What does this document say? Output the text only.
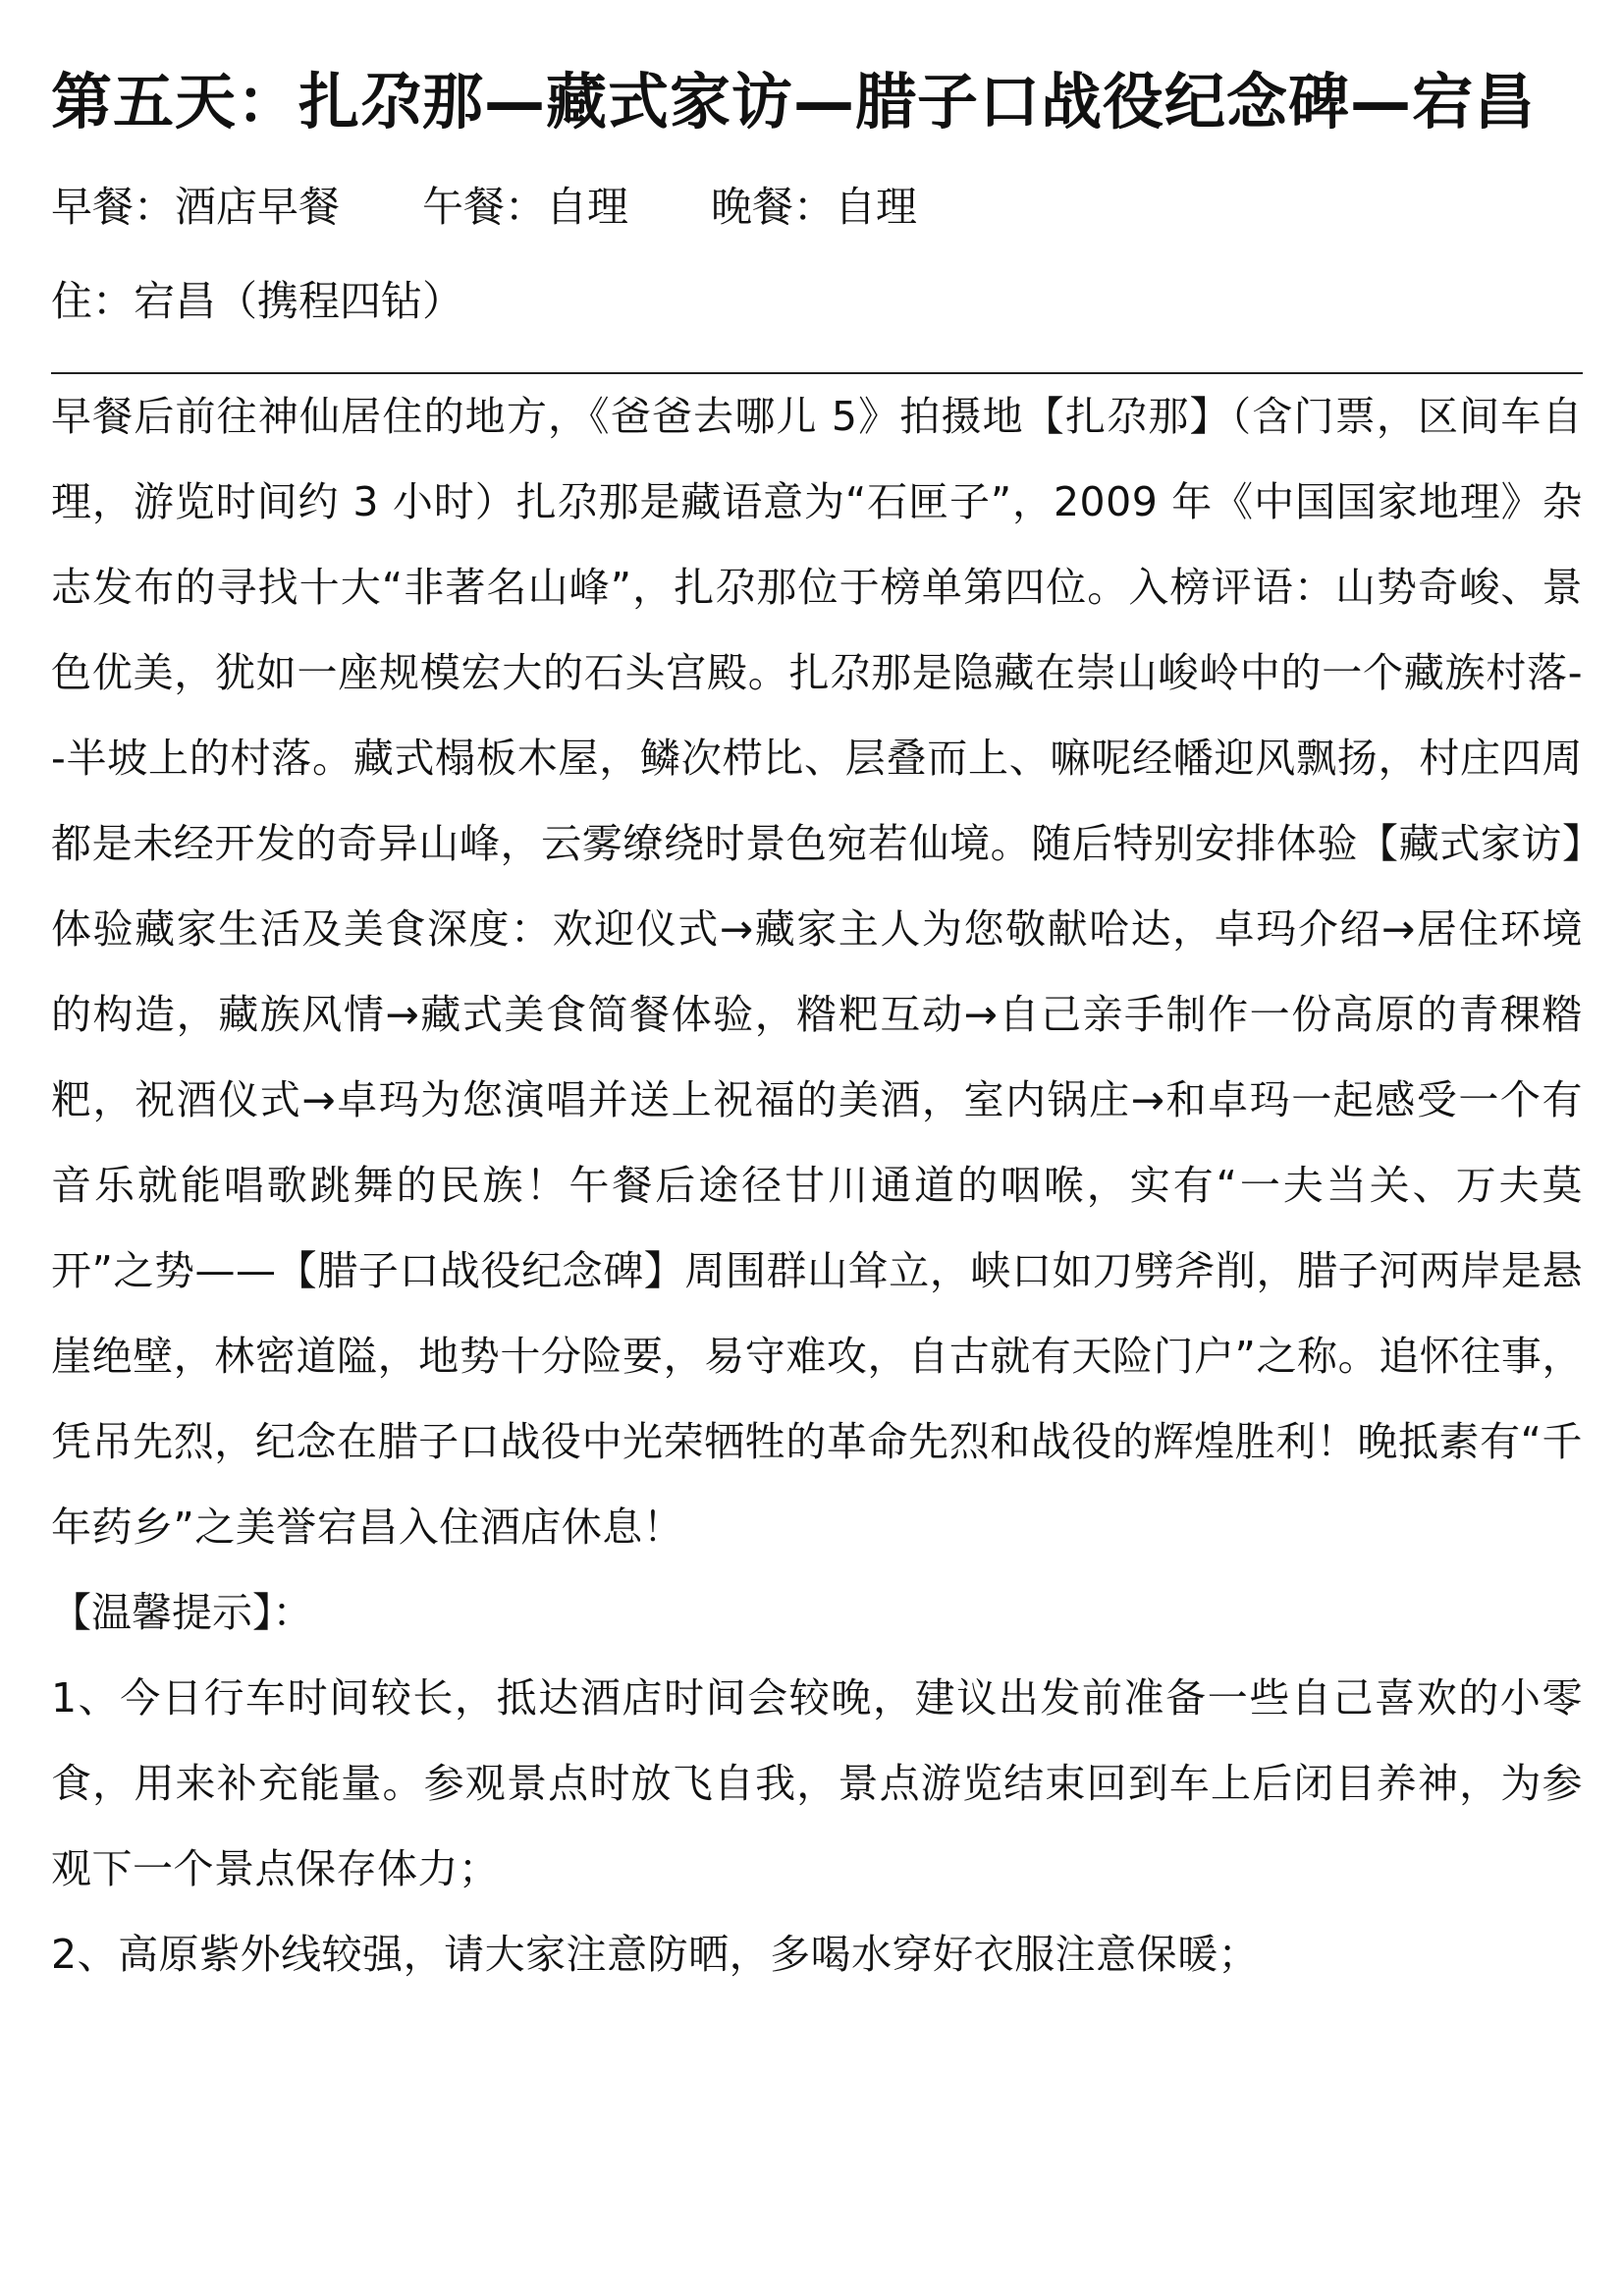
第五天：扎尕那—藏式家访—腊子口战役纪念碑—宕昌
早餐：酒店早餐 午餐：自理 晚餐：自理
住：宕昌（携程四钻）
早餐后前往神仙居住的地方，《爸爸去哪儿 5》拍摄地【扎尕那】（含门票，区间车自理，游览时间约 3 小时）扎尕那是藏语意为“石匣子”，2009 年《中国国家地理》杂志发布的寻找十大“非著名山峰”，扎尕那位于榜单第四位。入榜评语：山势奇峻、景色优美，犹如一座规模宏大的石头宫殿。扎尕那是隐藏在崇山峻岭中的一个藏族村落--半坡上的村落。藏式榻板木屋，鳞次栉比、层叠而上、嘛呢经幡迎风飘扬，村庄四周都是未经开发的奇异山峰，云雾缭绕时景色宛若仙境。随后特别安排体验【藏式家访】体验藏家生活及美食深度：欢迎仪式→藏家主人为您敬献哈达，卓玛介绍→居住环境的构造，藏族风情→藏式美食简餐体验，糌粑互动→自己亲手制作一份高原的青稞糌粑，祝酒仪式→卓玛为您演唱并送上祝福的美酒，室内锅庄→和卓玛一起感受一个有音乐就能唱歌跳舞的民族！午餐后途径甘川通道的咽喉，实有“一夫当关、万夫莫开”之势——【腊子口战役纪念碑】周围群山耸立，峡口如刀劈斧削，腊子河两岸是悬崖绝壁，林密道隘，地势十分险要，易守难攻，自古就有天险门户”之称。追怀往事，凭吊先烈，纪念在腊子口战役中光荣牺牲的革命先烈和战役的辉煌胜利！晚抵素有“千年药乡”之美誉宕昌入住酒店休息！
【温馨提示】：
1、今日行车时间较长，抵达酒店时间会较晚，建议出发前准备一些自己喜欢的小零食，用来补充能量。参观景点时放飞自我，景点游览结束回到车上后闭目养神，为参观下一个景点保存体力；
2、高原紫外线较强，请大家注意防晒，多喝水穿好衣服注意保暖；
